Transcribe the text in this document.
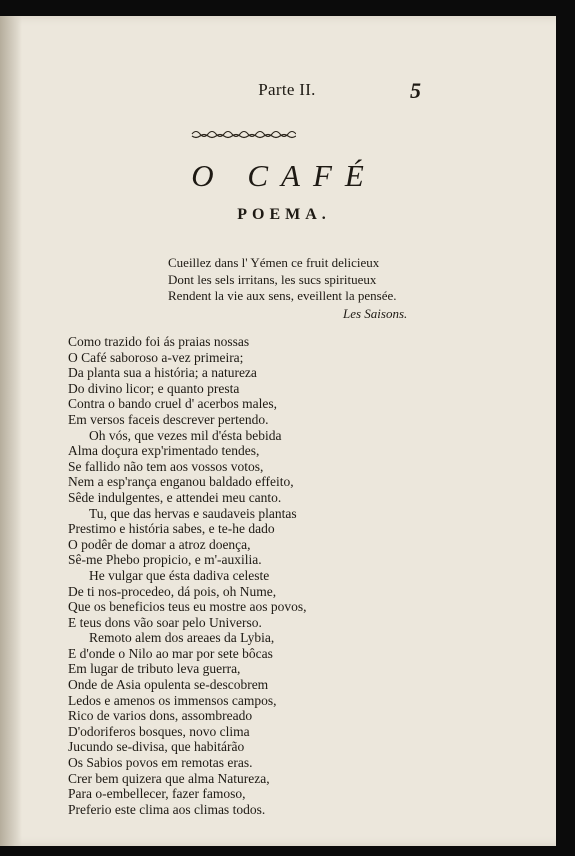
Parte II.	5
O CAFÉ
POEMA.
Cueillez dans l' Yémen ce fruit delicieux
Dont les sels irritans, les sucs spiritueux
Rendent la vie aux sens, eveillent la pensée.
Les Saisons.
Como trazido foi ás praias nossas
O Café saboroso a-vez primeira;
Da planta sua a história; a natureza
Do divino licor; e quanto presta
Contra o bando cruel d' acerbos males,
Em versos faceis descrever pertendo.
Oh vós, que vezes mil d'ésta bebida
Alma doçura exp'rimentado tendes,
Se fallido não tem aos vossos votos,
Nem a esp'rança enganou baldado effeito,
Sêde indulgentes, e attendei meu canto.
Tu, que das hervas e saudaveis plantas
Prestimo e história sabes, e te-he dado
O podêr de domar a atroz doença,
Sê-me Phebo propicio, e m'-auxilia.
He vulgar que ésta dadiva celeste
De ti nos-procedeo, dá pois, oh Nume,
Que os beneficios teus eu mostre aos povos,
E teus dons vão soar pelo Universo.
Remoto alem dos areaes da Lybia,
E d'onde o Nilo ao mar por sete bôcas
Em lugar de tributo leva guerra,
Onde de Asia opulenta se-descobrem
Ledos e amenos os immensos campos,
Rico de varios dons, assombreado
D'odoriferos bosques, novo clima
Jucundo se-divisa, que habitárão
Os Sabios povos em remotas eras.
Crer bem quizera que alma Natureza,
Para o-embellecer, fazer famoso,
Preferio este clima aos climas todos.
